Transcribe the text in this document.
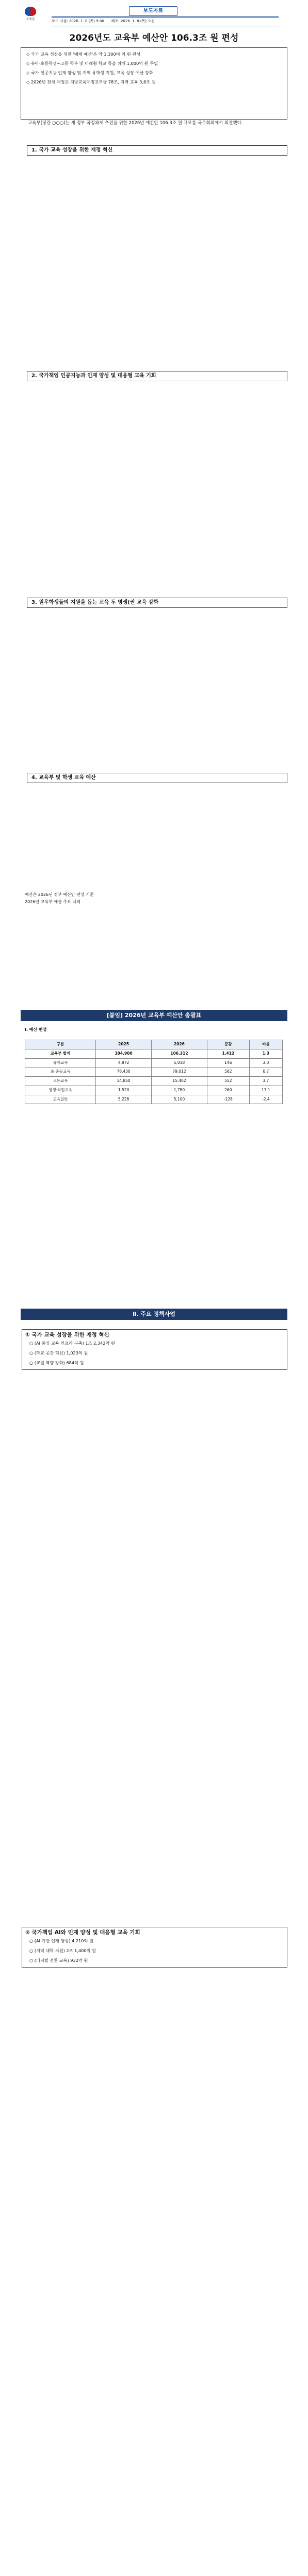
교육부
보도자료
보도 시점: 2026. 1. 8.(목) 9:00 배포: 2026. 1. 8.(목) 오전
2026년도 교육부 예산안 106.3조 원 편성

◇ 국가 교육 성장을 위한 '예체 예산'은 약 1,300여 억 원 편성

◇ 유아·초등학생~고등 학부 및 미래형 학교 등을 위해 1,000억 원 투입

◇ 국가 인공지능 인재 양성 및 지역 유학생 지원, 교육 성장 예산 강화

◇ 2026년 전체 재정은 지방교육재정교부금 78조, 지역 교육 3,6조 등

교육부(장관 ○○○)는 새 정부 국정과제 추진을 위한 2026년 예산안 106.3조 원 규모를 국무회의에서 의결했다.

1. 국가 교육 성장을 위한 재정 혁신
2. 국가책임 인공지능과 인재 양성 및 대응형 교육 기회
3. 원우학생들의 지원을 돕는 교육 두 명생(권 교육 강화
4. 교육부 및 학생 교육 예산
예산은 2026년 정부 예산안 편성 기준
2026년 교육부 예산 주요 내역
[붙임] 2026년 교육부 예산안 총괄표
Ⅰ. 예산 편성
구분	2025	2026	증감	비율
교육부 합계	104,900	106,312	1,412	1.3
유아교육	4,872	5,018	146	3.0
초·중등교육	78,430	79,012	582	0.7
고등교육	14,850	15,402	552	3.7
평생·직업교육	1,520	1,780	260	17.1
교육일반	5,228	5,100	-128	-2.4
Ⅱ. 주요 정책사업
① 국가 교육 성장을 위한 재정 혁신
○ (AI 중심 교육 인프라 구축) 1조 2,342억 원
○ (학교 공간 혁신) 1,023억 원
○ (교원 역량 강화) 684억 원
② 국가책임 AI와 인재 양성 및 대응형 교육 기회
○ (AI 기반 인재 양성) 4,210억 원
○ (지역 대학 지원) 2조 1,400억 원
○ (디지털 전환 교육) 932억 원
